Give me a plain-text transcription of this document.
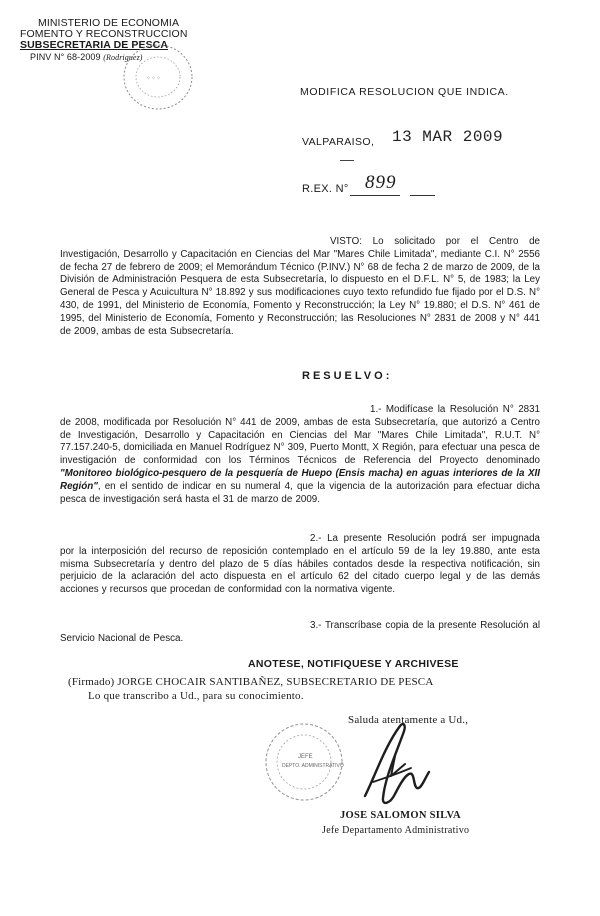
MINISTERIO DE ECONOMIA
FOMENTO Y RECONSTRUCCION
SUBSECRETARIA DE PESCA
PINV N° 68-2009 (Rodriguez)
⁘⁘⁘
MODIFICA RESOLUCION QUE INDICA.
VALPARAISO, 13 MAR 2009
R.EX. N° 899
VISTO: Lo solicitado por el Centro de Investigación, Desarrollo y Capacitación en Ciencias del Mar "Mares Chile Limitada", mediante C.I. N° 2556 de fecha 27 de febrero de 2009; el Memorándum Técnico (P.INV.) N° 68 de fecha 2 de marzo de 2009, de la División de Administración Pesquera de esta Subsecretaría, lo dispuesto en el D.F.L. N° 5, de 1983; la Ley General de Pesca y Acuicultura N° 18.892 y sus modificaciones cuyo texto refundido fue fijado por el D.S. N° 430, de 1991, del Ministerio de Economía, Fomento y Reconstrucción; la Ley N° 19.880; el D.S. N° 461 de 1995, del Ministerio de Economía, Fomento y Reconstrucción; las Resoluciones N° 2831 de 2008 y N° 441 de 2009, ambas de esta Subsecretaría.
RESUELVO:
1.- Modifícase la Resolución N° 2831 de 2008, modificada por Resolución N° 441 de 2009, ambas de esta Subsecretaría, que autorizó a Centro de Investigación, Desarrollo y Capacitación en Ciencias del Mar "Mares Chile Limitada", R.U.T. N° 77.157.240-5, domiciliada en Manuel Rodríguez N° 309, Puerto Montt, X Región, para efectuar una pesca de investigación de conformidad con los Términos Técnicos de Referencia del Proyecto denominado "Monitoreo biológico-pesquero de la pesquería de Huepo (Ensis macha) en aguas interiores de la XII Región", en el sentido de indicar en su numeral 4, que la vigencia de la autorización para efectuar dicha pesca de investigación será hasta el 31 de marzo de 2009.
2.- La presente Resolución podrá ser impugnada por la interposición del recurso de reposición contemplado en el artículo 59 de la ley 19.880, ante esta misma Subsecretaría y dentro del plazo de 5 días hábiles contados desde la respectiva notificación, sin perjuicio de la aclaración del acto dispuesta en el artículo 62 del citado cuerpo legal y de las demás acciones y recursos que procedan de conformidad con la normativa vigente.
3.- Transcríbase copia de la presente Resolución al Servicio Nacional de Pesca.
ANOTESE, NOTIFIQUESE Y ARCHIVESE
(Firmado) JORGE CHOCAIR SANTIBAÑEZ, SUBSECRETARIO DE PESCA
Lo que transcribo a Ud., para su conocimiento.
Saluda atentamente a Ud.,
JEFE
DEPTO. ADMINISTRATIVO
JOSE SALOMON SILVA
Jefe Departamento Administrativo
